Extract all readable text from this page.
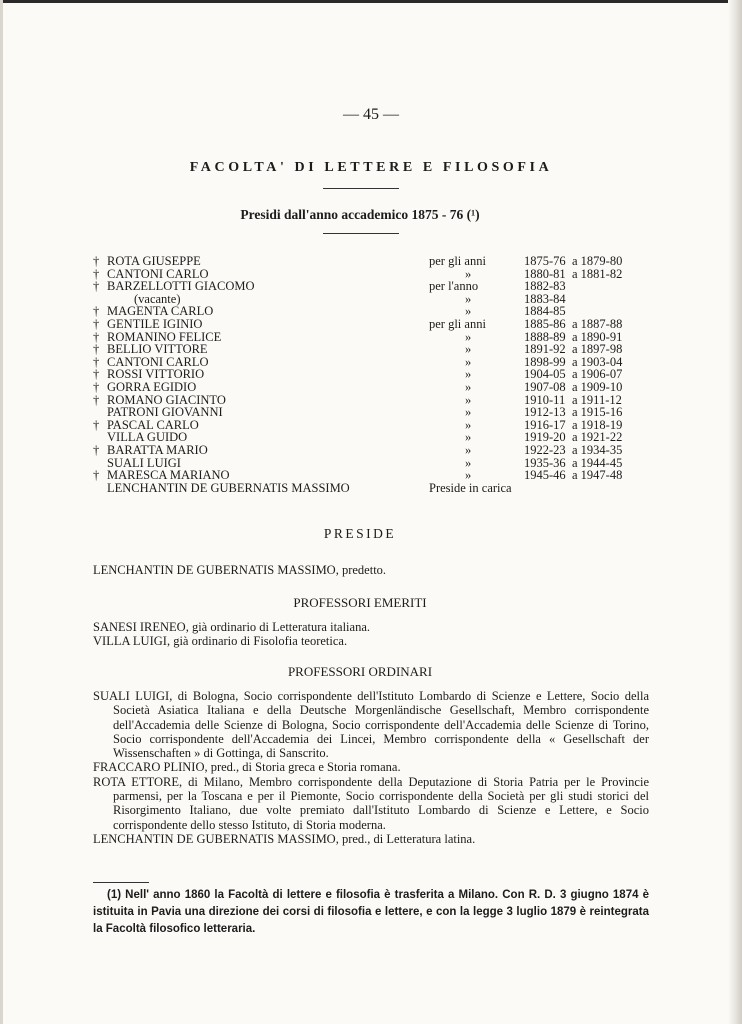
— 45 —
FACOLTA' DI LETTERE E FILOSOFIA
Presidi dall'anno accademico 1875 - 76 (¹)
† ROTA GIUSEPPE	per gli anni	1875-76 a 1879-80
† CANTONI CARLO	»	1880-81 a 1881-82
† BARZELLOTTI GIACOMO	per l'anno	1882-83
(vacante)	»	1883-84
† MAGENTA CARLO	»	1884-85
† GENTILE IGINIO	per gli anni	1885-86 a 1887-88
† ROMANINO FELICE	»	1888-89 a 1890-91
† BELLIO VITTORE	»	1891-92 a 1897-98
† CANTONI CARLO	»	1898-99 a 1903-04
† ROSSI VITTORIO	»	1904-05 a 1906-07
† GORRA EGIDIO	»	1907-08 a 1909-10
† ROMANO GIACINTO	»	1910-11 a 1911-12
PATRONI GIOVANNI	»	1912-13 a 1915-16
† PASCAL CARLO	»	1916-17 a 1918-19
VILLA GUIDO	»	1919-20 a 1921-22
† BARATTA MARIO	»	1922-23 a 1934-35
SUALI LUIGI	»	1935-36 a 1944-45
† MARESCA MARIANO	»	1945-46 a 1947-48
LENCHANTIN DE GUBERNATIS MASSIMO	Preside in carica
PRESIDE
LENCHANTIN DE GUBERNATIS MASSIMO, predetto.
PROFESSORI EMERITI
SANESI IRENEO, già ordinario di Letteratura italiana.
VILLA LUIGI, già ordinario di Fisolofia teoretica.
PROFESSORI ORDINARI
SUALI LUIGI, di Bologna, Socio corrispondente dell'Istituto Lombardo di Scienze e Lettere, Socio della Società Asiatica Italiana e della Deutsche Morgenländische Gesellschaft, Membro corrispondente dell'Accademia delle Scienze di Bologna, Socio corrispondente dell'Accademia delle Scienze di Torino, Socio corrispondente dell'Accademia dei Lincei, Membro corrispondente della « Gesellschaft der Wissenschaften » di Gottinga, di Sanscrito.
FRACCARO PLINIO, pred., di Storia greca e Storia romana.
ROTA ETTORE, di Milano, Membro corrispondente della Deputazione di Storia Patria per le Provincie parmensi, per la Toscana e per il Piemonte, Socio corrispondente della Società per gli studi storici del Risorgimento Italiano, due volte premiato dall'Istituto Lombardo di Scienze e Lettere, e Socio corrispondente dello stesso Istituto, di Storia moderna.
LENCHANTIN DE GUBERNATIS MASSIMO, pred., di Letteratura latina.
(1) Nell' anno 1860 la Facoltà di lettere e filosofia è trasferita a Milano. Con R. D. 3 giugno 1874 è istituita in Pavia una direzione dei corsi di filosofia e lettere, e con la legge 3 luglio 1879 è reintegrata la Facoltà filosofico letteraria.
